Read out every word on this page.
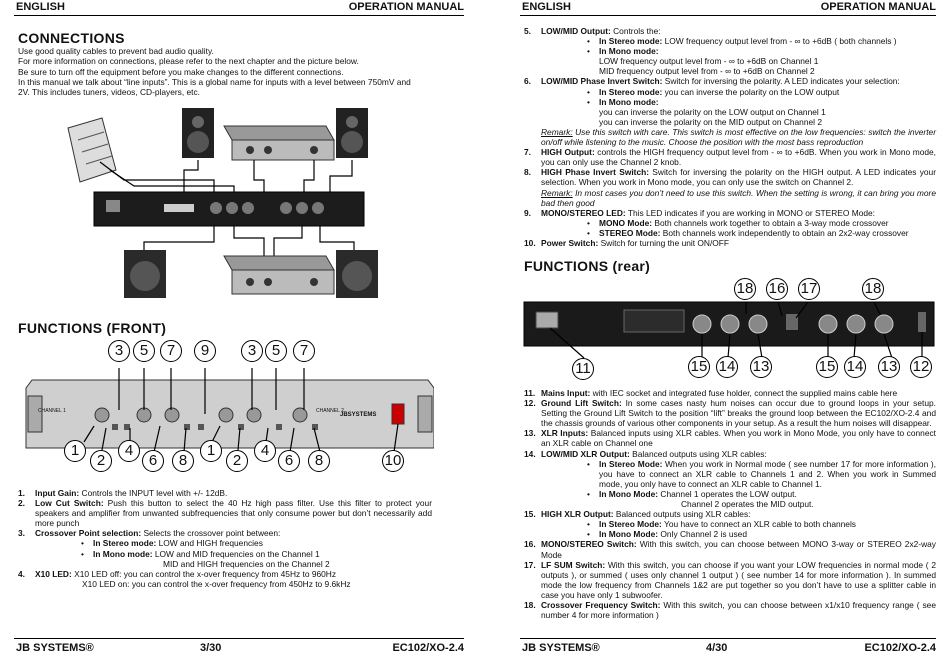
ENGLISH	OPERATION MANUAL
CONNECTIONS

Use good quality cables to prevent bad audio quality.

For more information on connections, please refer to the next chapter and the picture below.

Be sure to turn off the equipment before you make changes to the different connections.

In this manual we talk about “line inputs”. This is a global name for inputs with a level between 750mV and

2V. This includes tuners, videos, CD-players, etc.

FUNCTIONS (FRONT)
CHANNEL 1	CHANNEL 2
JBSYSTEMS
3	5	7	9	3	5	7
1
2
4
6	8
1
2
4
6	8	10
1. Input Gain: Controls the INPUT level with +/- 12dB.
2. Low Cut Switch: Push this button to select the 40 Hz high pass filter. Use this filter to protect your speakers and amplifier from unwanted subfrequencies that only consume power but don’t necessarily add more punch
3. Crossover Point selection: Selects the crossover point between:
• In Stereo mode: LOW and HIGH frequencies
• In Mono mode: LOW and MID frequencies on the Channel 1
MID and HIGH frequencies on the Channel 2
4. X10 LED: X10 LED off: you can control the x-over frequency from 45Hz to 960Hz
X10 LED on: you can control the x-over frequency from 450Hz to 9.6kHz
JB SYSTEMS®	3/30	EC102/XO-2.4
ENGLISH	OPERATION MANUAL
5. LOW/MID Output: Controls the:
• In Stereo mode: LOW frequency output level from - ∞ to +6dB ( both channels )
• In Mono mode:
LOW frequency output level from - ∞ to +6dB on Channel 1
MID frequency output level from - ∞ to +6dB on Channel 2
6. LOW/MID Phase Invert Switch: Switch for inversing the polarity. A LED indicates your selection:
• In Stereo mode: you can inverse the polarity on the LOW output
• In Mono mode:
you can inverse the polarity on the LOW output on Channel 1
you can inverse the polarity on the MID output on Channel 2
Remark: Use this switch with care. This switch is most effective on the low frequencies: switch the inverter on/off while listening to the music. Choose the position with the most bass reproduction
7. HIGH Output: controls the HIGH frequency output level from - ∞ to +6dB. When you work in Mono mode, you can only use the Channel 2 knob.
8. HIGH Phase Invert Switch: Switch for inversing the polarity on the HIGH output. A LED indicates your selection. When you work in Mono mode, you can only use the switch on Channel 2.
Remark: In most cases you don’t need to use this switch. When the setting is wrong, it can bring you more bad then good
9. MONO/STEREO LED: This LED indicates if you are working in MONO or STEREO Mode:
• MONO Mode: Both channels work together to obtain a 3-way mode crossover
• STEREO Mode: Both channels work independently to obtain an 2x2-way crossover
10. Power Switch: Switch for turning the unit ON/OFF
FUNCTIONS (rear)
18 16 17	18
11	15 14 13	15 14 13 12
11. Mains Input: with IEC socket and integrated fuse holder, connect the supplied mains cable here
12. Ground Lift Switch: In some cases nasty hum noises can occur due to ground loops in your setup. Setting the Ground Lift Switch to the position “lift” breaks the ground loop between the EC102/XO-2.4 and the chassis grounds of various other components in your setup. As a result the hum noises will disappear.
13. XLR Inputs: Balanced inputs using XLR cables. When you work in Mono Mode, you only have to connect an XLR cable on Channel one
14. LOW/MID XLR Output: Balanced outputs using XLR cables:
• In Stereo Mode: When you work in Normal mode ( see number 17 for more information ), you have to connect an XLR cable to Channels 1 and 2. When you work in Summed mode, you only have to connect an XLR cable to Channel 1.
• In Mono Mode: Channel 1 operates the LOW output.
Channel 2 operates the MID output.
15. HIGH XLR Output: Balanced outputs using XLR cables:
• In Stereo Mode: You have to connect an XLR cable to both channels
• In Mono Mode: Only Channel 2 is used
16. MONO/STEREO Switch: With this switch, you can choose between MONO 3-way or STEREO 2x2-way Mode
17. LF SUM Switch: With this switch, you can choose if you want your LOW frequencies in normal mode ( 2 outputs ), or summed ( uses only channel 1 output ) ( see number 14 for more information ). In summed mode the low frequency from Channels 1&2 are put together so you don’t have to use a splitter cable in case you have only 1 subwoofer.
18. Crossover Frequency Switch: With this switch, you can choose between x1/x10 frequency range ( see number 4 for more information )
JB SYSTEMS®	4/30	EC102/XO-2.4
